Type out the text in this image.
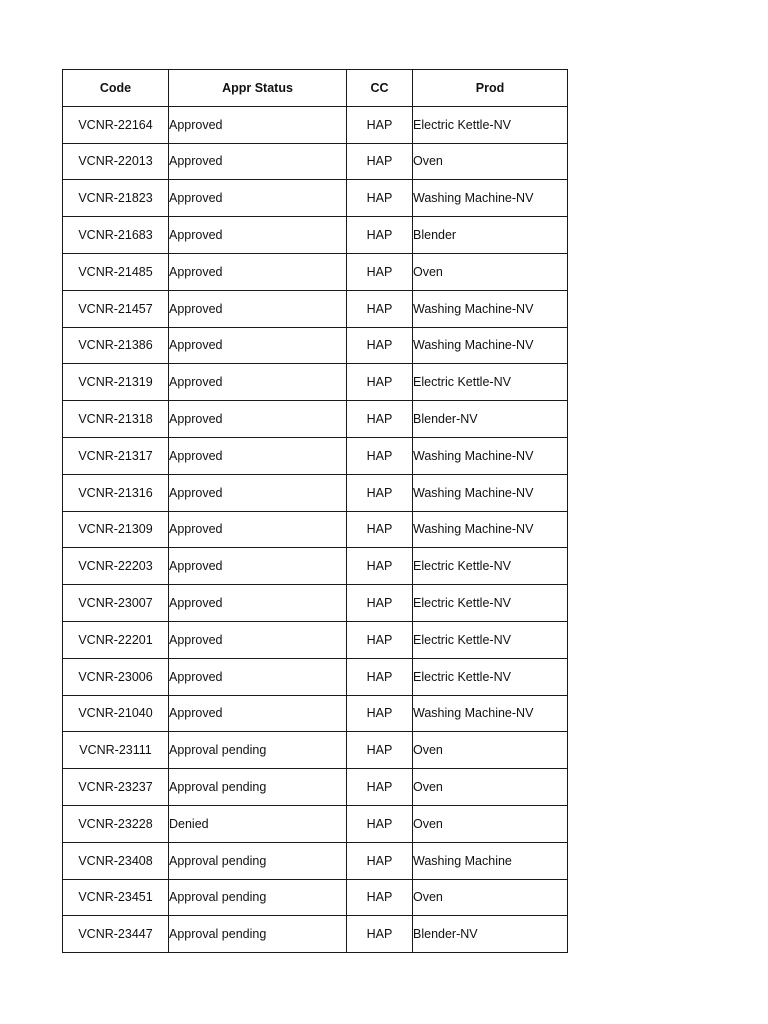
Code	Appr Status	CC	Prod
VCNR-22164	Approved	HAP	Electric Kettle-NV
VCNR-22013	Approved	HAP	Oven
VCNR-21823	Approved	HAP	Washing Machine-NV
VCNR-21683	Approved	HAP	Blender
VCNR-21485	Approved	HAP	Oven
VCNR-21457	Approved	HAP	Washing Machine-NV
VCNR-21386	Approved	HAP	Washing Machine-NV
VCNR-21319	Approved	HAP	Electric Kettle-NV
VCNR-21318	Approved	HAP	Blender-NV
VCNR-21317	Approved	HAP	Washing Machine-NV
VCNR-21316	Approved	HAP	Washing Machine-NV
VCNR-21309	Approved	HAP	Washing Machine-NV
VCNR-22203	Approved	HAP	Electric Kettle-NV
VCNR-23007	Approved	HAP	Electric Kettle-NV
VCNR-22201	Approved	HAP	Electric Kettle-NV
VCNR-23006	Approved	HAP	Electric Kettle-NV
VCNR-21040	Approved	HAP	Washing Machine-NV
VCNR-23111	Approval pending	HAP	Oven
VCNR-23237	Approval pending	HAP	Oven
VCNR-23228	Denied	HAP	Oven
VCNR-23408	Approval pending	HAP	Washing Machine
VCNR-23451	Approval pending	HAP	Oven
VCNR-23447	Approval pending	HAP	Blender-NV
